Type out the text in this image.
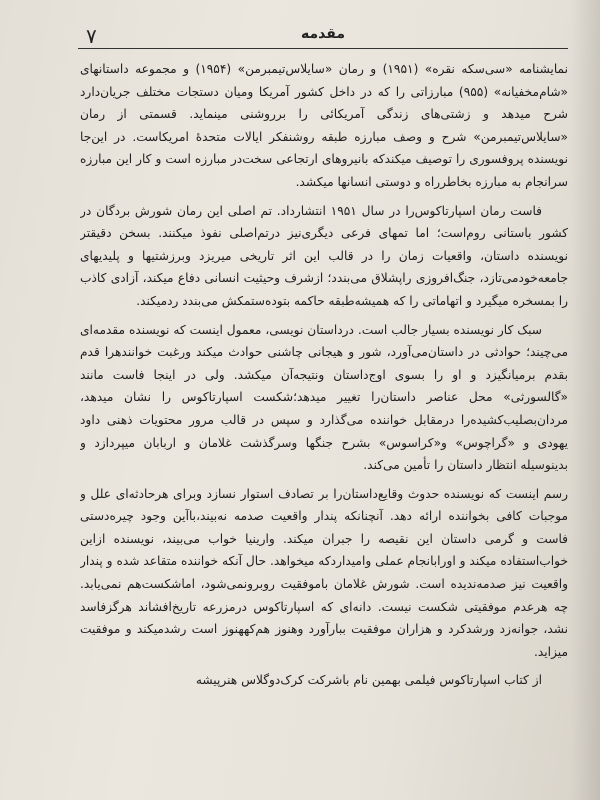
۷	مقدمه

نمایشنامه «سی‌سکه نقره» (۱۹۵۱) و رمان «سایلاس‌تیمبرمن» (۱۹۵۴) و مجموعه داستانهای «شام‌مخفیانه» (۹۵۵) مبارزاتی را که در داخل کشور آمریکا ومیان دستجات مختلف جریان‌دارد شرح میدهد و زشتی‌های زندگی آمریکائی را برروشنی مینماید. قسمتی از رمان «سایلاس‌تیمبرمن» شرح و وصف مبارزه طبقه روشنفکر ایالات متحدهٔ امریکاست. در این‌جا نویسنده پروفسوری را توصیف میکندکه بانیروهای ارتجاعی سخت‌در مبارزه است و کار این مبارزه سرانجام به مبارزه بخاطرراه و دوستی انسانها میکشد.

فاست رمان اسپارتاکوس‌را در سال ۱۹۵۱ انتشارداد. تم اصلی این رمان شورش بردگان در کشور باستانی روم‌است؛ اما تمهای فرعی دیگری‌نیز درتم‌اصلی نفوذ میکنند. بسخن دقیقتر نویسنده داستان، واقعیات زمان را در قالب این اثر تاریخی میریزد وبرزشتیها و پلیدیهای جامعه‌خودمی‌تازد، جنگ‌افروزی راپشلاق می‌بندد؛ ازشرف وحیثیت انسانی دفاع میکند، آزادی کاذب را بمسخره میگیرد و اتهاماتی را که همیشه‌طبقه حاکمه بتوده‌ستمکش می‌بندد ردمیکند.

سبک کار نویسنده بسیار جالب است. درداستان نویسی، معمول اینست که نویسنده مقدمه‌ای می‌چیند؛ حوادثی در داستان‌می‌آورد، شور و هیجانی چاشنی حوادث میکند ورغبت خوانندهرا قدم بقدم برمیانگیزد و او را بسوی اوج‌داستان ونتیجه‌آن میکشد. ولی در اینجا فاست مانند «گالسورثی» محل عناصر داستان‌را تغییر میدهد؛شکست اسپارتاکوس را نشان میدهد، مردان‌بصلیب‌کشیده‌را درمقابل خواننده می‌گذارد و سپس در قالب مرور محتویات ذهنی داود یهودی و «گراچوس» و«کراسوس» بشرح جنگها وسرگذشت غلامان و اربابان میپردازد و بدینوسیله انتظار داستان را تأمین می‌کند.

رسم اینست که نویسنده حدوث وقایع‌داستان‌را بر تصادف استوار نسازد وبرای هرحادثه‌ای علل و موجبات کافی بخواننده ارائه دهد. آنچنانکه پندار واقعیت صدمه نه‌بیند،باآین وجود چیره‌دستی فاست و گرمی داستان این نقیصه را جبران میکند. وارینیا خواب می‌بیند، نویسنده ازاین خواب‌استفاده میکند و اورابانجام عملی وامیداردکه میخواهد. حال آنکه خواننده متقاعد شده و پندار واقعیت نیز صدمه‌ندیده است. شورش غلامان باموفقیت روبرونمی‌شود، اماشکست‌هم نمی‌یابد. چه هرعدم موفقیتی شکست نیست. دانه‌ای که اسپارتاکوس درمزرعه تاریخ‌افشاند هرگزفاسد نشد، جوانه‌زد ورشدکرد و هزاران موفقیت ببارآورد وهنوز هم‌کههنوز است رشدمیکند و موفقیت میزاید.

از کتاب اسپارتاکوس فیلمی بهمین نام باشرکت کرک‌دوگلاس هنرپیشه
